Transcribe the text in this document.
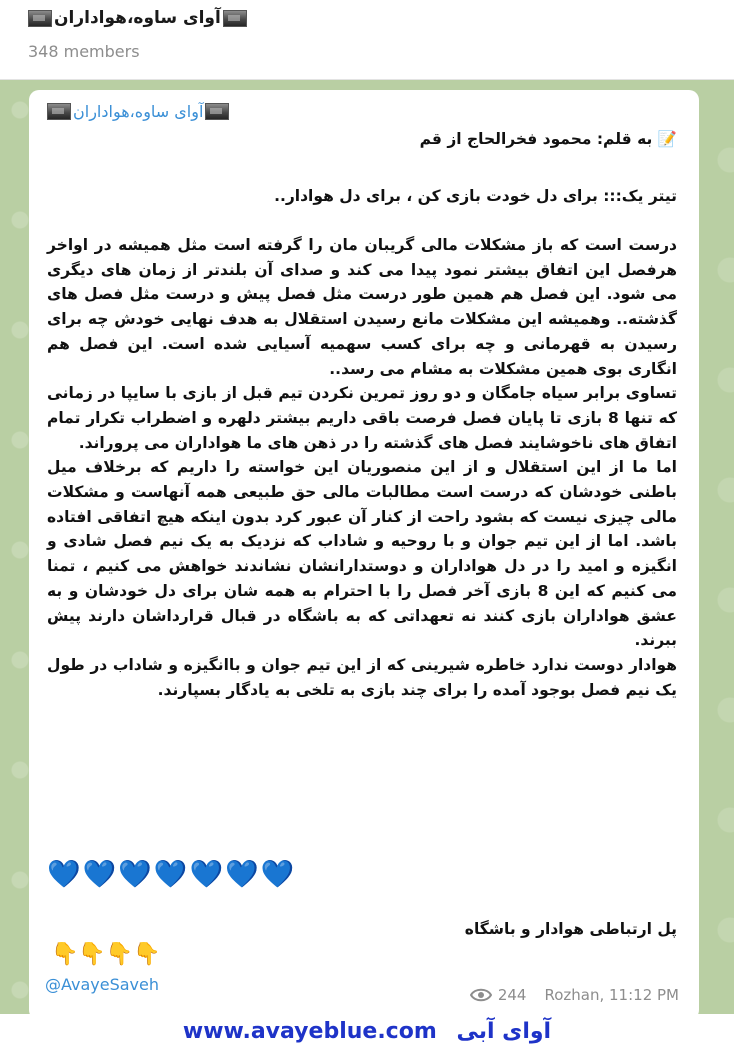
آوای ساوه،هواداران
348 members
آوای ساوه،هواداران
📝 به قلم: محمود فخرالحاج از قم
تیتر یک::: برای دل خودت بازی کن ، برای دل هوادار..

درست است که باز مشکلات مالی گریبان مان را گرفته است مثل همیشه در اواخر هرفصل این اتفاق بیشتر نمود پیدا می کند و صدای آن بلندتر از زمان های دیگری می شود. این فصل هم همین طور درست مثل فصل پیش و درست مثل فصل های گذشته.. وهمیشه این مشکلات مانع رسیدن استقلال به هدف نهایی خودش چه برای رسیدن به قهرمانی و چه برای کسب سهمیه آسیایی شده است. این فصل هم انگاری بوی همین مشکلات به مشام می رسد..

تساوی برابر سیاه جامگان و دو روز تمرین نکردن تیم قبل از بازی با سایپا در زمانی که تنها 8 بازی تا پایان فصل فرصت باقی داریم بیشتر دلهره و اضطراب تکرار تمام اتفاق های ناخوشایند فصل های گذشته را در ذهن های ما هواداران می پروراند.

اما ما از این استقلال و از این منصوریان این خواسته را داریم که برخلاف میل باطنی خودشان که درست است مطالبات مالی حق طبیعی همه آنهاست و مشکلات مالی چیزی نیست که بشود راحت از کنار آن عبور کرد بدون اینکه هیچ اتفاقی افتاده باشد. اما از این تیم جوان و با روحیه و شاداب که نزدیک به یک نیم فصل شادی و انگیزه و امید را در دل هواداران و دوستدارانشان نشاندند خواهش می کنیم ، تمنا می کنیم که این 8 بازی آخر فصل را با احترام به همه شان برای دل خودشان و به عشق هواداران بازی کنند نه تعهداتی که به باشگاه در قبال قرارداشان دارند پیش ببرند.

هوادار دوست ندارد خاطره شیرینی که از این تیم جوان و باانگیزه و شاداب در طول یک نیم فصل بوجود آمده را برای چند بازی به تلخی به یادگار بسپارند.

💙💙💙💙💙💙💙
پل ارتباطی هوادار و باشگاه
👇👇👇👇
@AvayeSaveh
244 Rozhan, 11:12 PM
www.avayeblue.com آوای آبی
